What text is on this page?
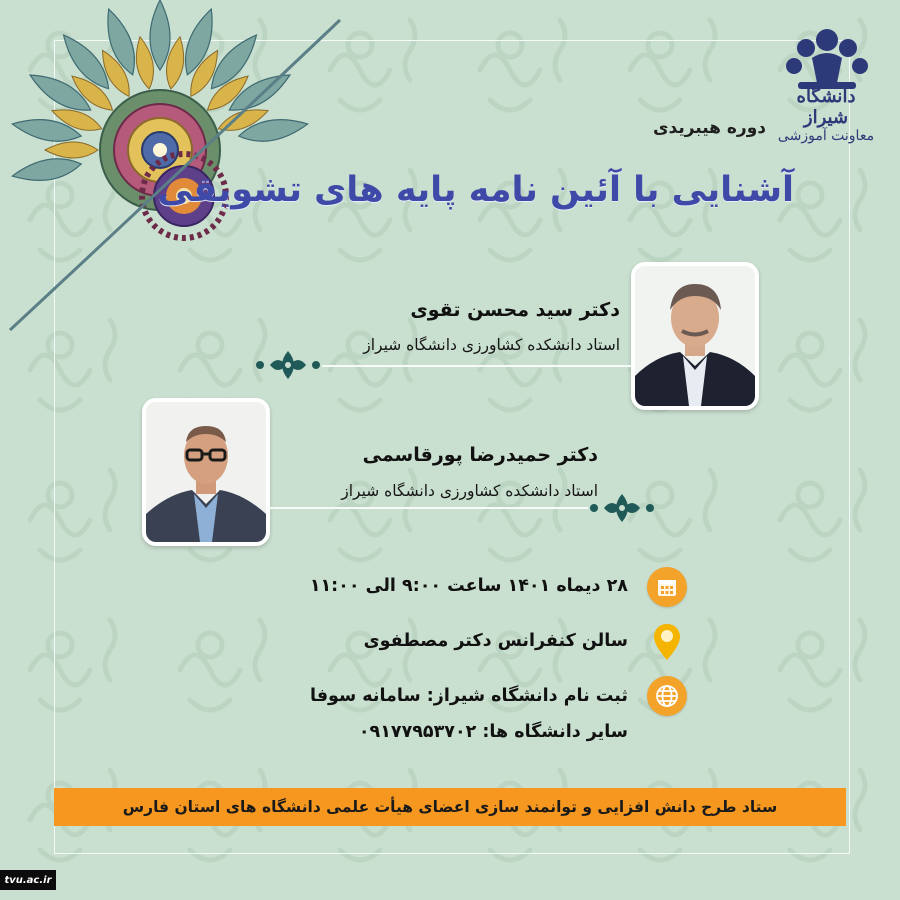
دانشگاه شیراز
معاونت آموزشی
دوره هیبریدی
آشنایی با آئین نامه پایه های تشویقی
دکتر سید محسن تقوی
استاد دانشکده کشاورزی دانشگاه شیراز
دکتر حمیدرضا پورقاسمی
استاد دانشکده کشاورزی دانشگاه شیراز
۲۸ دیماه ۱۴۰۱ ساعت ۹:۰۰ الی ۱۱:۰۰
سالن کنفرانس دکتر مصطفوی
ثبت نام دانشگاه شیراز: سامانه سوفا
سایر دانشگاه ها: ۰۹۱۷۷۹۵۳۷۰۲
ستاد طرح دانش افزایی و توانمند سازی اعضای هیأت علمی دانشگاه های استان فارس
tvu.ac.ir
